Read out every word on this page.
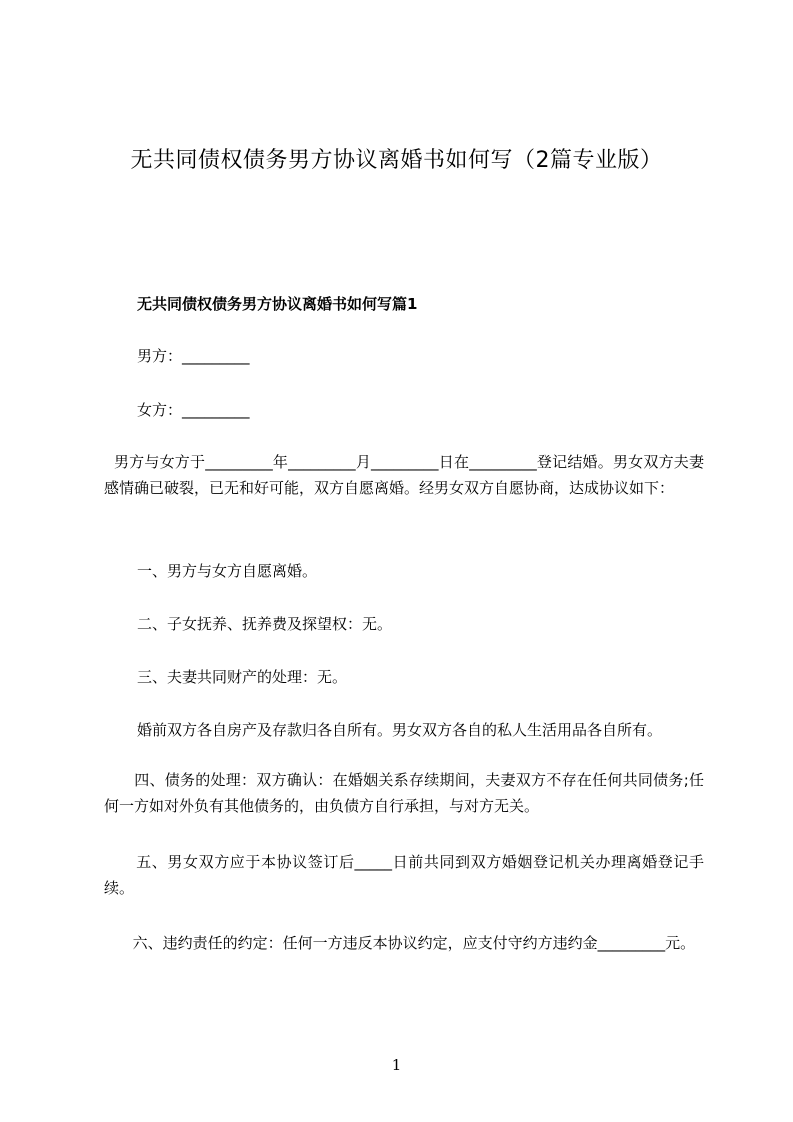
无共同债权债务男方协议离婚书如何写（2篇专业版）
无共同债权债务男方协议离婚书如何写篇1
男方：_________
女方：_________
男方与女方于_________年_________月_________日在_________登记结婚。男女双方夫妻感情确已破裂，已无和好可能，双方自愿离婚。经男女双方自愿协商，达成协议如下：
一、男方与女方自愿离婚。
二、子女抚养、抚养费及探望权：无。
三、夫妻共同财产的处理：无。
婚前双方各自房产及存款归各自所有。男女双方各自的私人生活用品各自所有。
四、债务的处理：双方确认：在婚姻关系存续期间，夫妻双方不存在任何共同债务;任何一方如对外负有其他债务的，由负债方自行承担，与对方无关。
五、男女双方应于本协议签订后_____日前共同到双方婚姻登记机关办理离婚登记手续。
六、违约责任的约定：任何一方违反本协议约定，应支付守约方违约金_________元。
1
